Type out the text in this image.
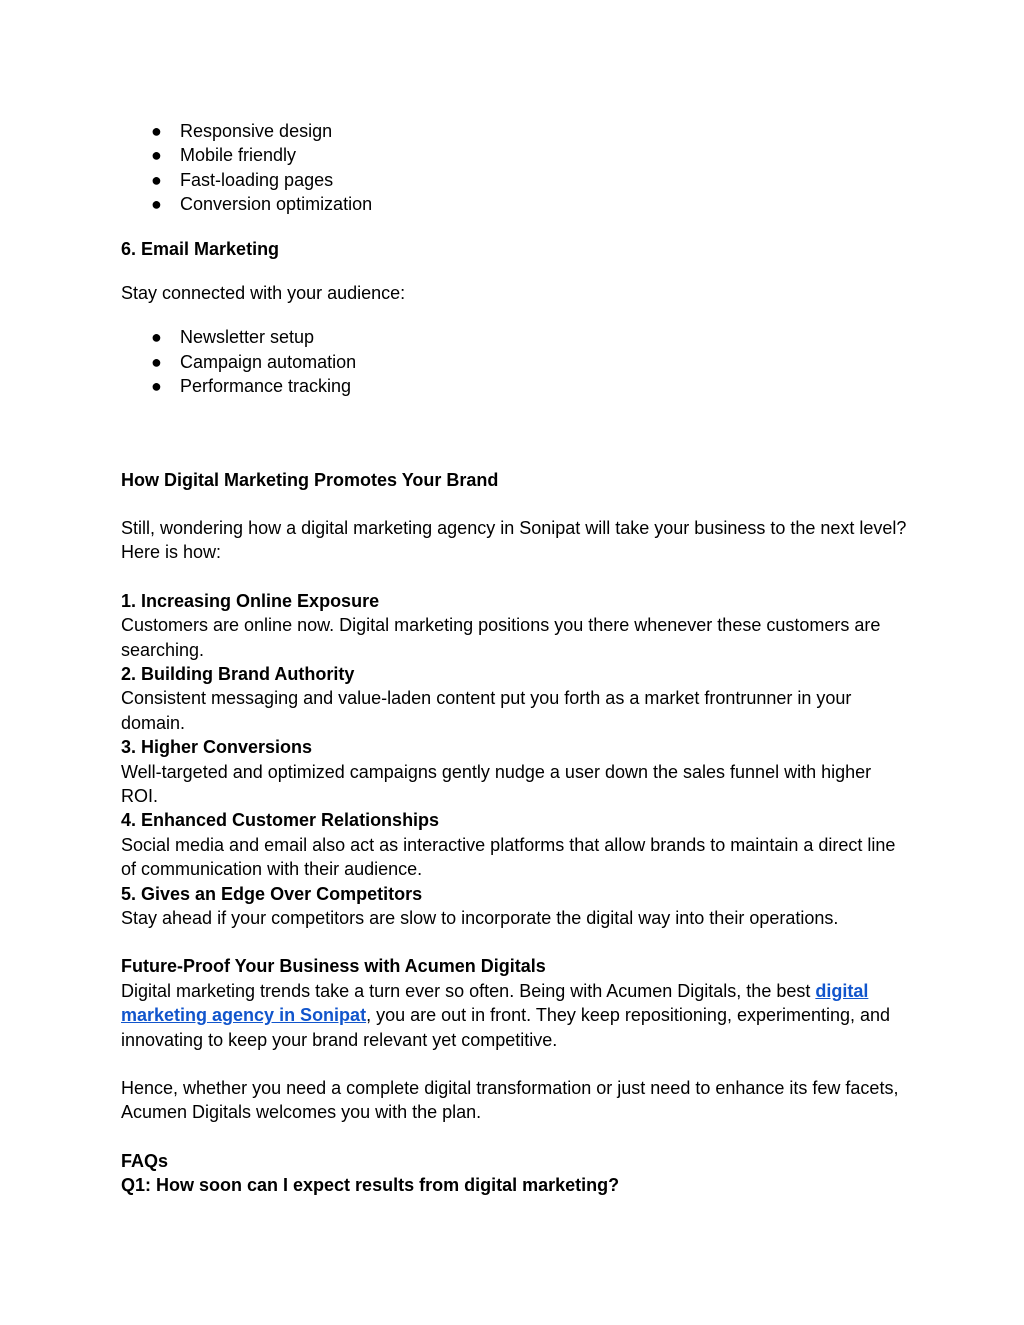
● Responsive design
● Mobile friendly
● Fast-loading pages
● Conversion optimization

6. Email Marketing

Stay connected with your audience:

● Newsletter setup
● Campaign automation
● Performance tracking

How Digital Marketing Promotes Your Brand

Still, wondering how a digital marketing agency in Sonipat will take your business to the next level? Here is how:

1. Increasing Online Exposure

Customers are online now. Digital marketing positions you there whenever these customers are searching.

2. Building Brand Authority

Consistent messaging and value-laden content put you forth as a market frontrunner in your domain.

3. Higher Conversions

Well-targeted and optimized campaigns gently nudge a user down the sales funnel with higher ROI.

4. Enhanced Customer Relationships

Social media and email also act as interactive platforms that allow brands to maintain a direct line of communication with their audience.

5. Gives an Edge Over Competitors

Stay ahead if your competitors are slow to incorporate the digital way into their operations.

Future-Proof Your Business with Acumen Digitals

Digital marketing trends take a turn ever so often. Being with Acumen Digitals, the best digital marketing agency in Sonipat, you are out in front. They keep repositioning, experimenting, and innovating to keep your brand relevant yet competitive.

Hence, whether you need a complete digital transformation or just need to enhance its few facets, Acumen Digitals welcomes you with the plan.

FAQs

Q1: How soon can I expect results from digital marketing?
